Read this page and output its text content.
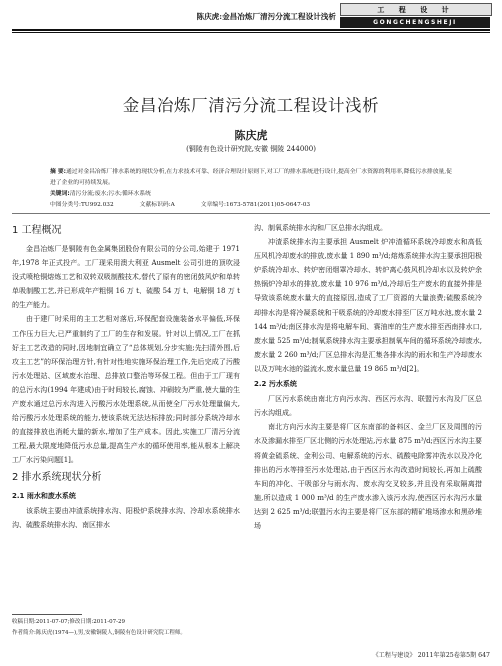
陈庆虎:金昌冶炼厂清污分流工程设计浅析
工 程 设 计
GONGCHENGSHEJI
金昌冶炼厂清污分流工程设计浅析
陈庆虎
(铜陵有色设计研究院,安徽 铜陵 244000)
摘 要:通过对金昌冶炼厂排水系统的现状分析,在力求技术可靠、经济合理设计原则下,对工厂的排水系统进行设计,提高全厂水资源的利用率,降低污水排放量,促进了企业的可持续发展。
关键词:清污分流;废水;污水;循环水系统
中图分类号:TU992.032	文献标识码:A	文章编号:1673-5781(2011)05-0647-03
1 工程概况

金昌冶炼厂是铜陵有色金属集团股份有限公司的分公司,始建于 1971 年,1978 年正式投产。工厂现采用澳大利亚 Ausmelt 公司引进的顶吹浸没式喷枪铜熔炼工艺和双转双吸制酸技术,替代了原有的密闭鼓风炉和单转单吸制酸工艺,并已形成年产粗铜 16 万 t、硫酸 54 万 t、电解铜 18 万 t 的生产能力。

由于建厂时采用的主工艺相对落后,环保配套设施装备水平偏低,环保工作压力巨大,已严重制约了工厂的生存和发展。针对以上情况,工厂在抓好主工艺改造的同时,因地制宜确立了“总体规划,分步实施;先扫清外围,后攻主工艺”的环保治理方针,有针对性地实施环保治理工作,先后完成了污酸污水处理站、区域废水治理、总排放口整治等环保工程。但由于工厂现有的总污水沟(1994 年建成)由于时间较长,腐蚀、冲刷较为严重,使大量的生产废水通过总污水沟进入污酸污水处理系统,从而使全厂污水处理量偏大,给污酸污水处理系统的能力,使该系统无法达标排放;同时部分系统冷却水的直接排放也消耗大量的新水,增加了生产成本。因此,实施工厂清污分流工程,最大限度地降低污水总量,提高生产水的循环使用率,能从根本上解决工厂水污染问题[1]。

2 排水系统现状分析
2.1 雨水和废水系统

该系统主要由冲渣系统排水沟、阳极炉系统排水沟、冷却水系统排水沟、硫酸系统排水沟、南区排水

沟、制氧系统排水沟和厂区总排水沟组成。

冲渣系统排水沟主要承担 Ausmelt 炉冲渣循环系统冷却废水和高低压风机冷却废水的排放,废水量 1 890 m³/d;熔炼系统排水沟主要承担阳极炉系统冷却水、转炉密闭烟罩冷却水、转炉离心鼓风机冷却水以及转炉余热锅炉冷却水的排放,废水量 10 976 m³/d,冷却后生产废水的直接外排是导致该系统废水量大的直接原因,造成了工厂资源的大量浪费;硫酸系统冷却排水沟是将冷凝系统和干吸系统的冷却废水排至厂区万吨水池,废水量 2 144 m³/d;南区排水沟是将电解车间、赛油库的生产废水排至西南排水口,废水量 525 m³/d;制氧系统排水沟主要承担制氧车间的循环系统冷却废水,废水量 2 260 m³/d;厂区总排水沟是汇集各排水沟的雨水和生产冷却废水以及万吨水池的溢流水,废水量总量 19 865 m³/d[2]。

2.2 污水系统

厂区污水系统由南北方向污水沟、西区污水沟、联盟污水沟及厂区总污水沟组成。

南北方向污水沟主要是将厂区东南部的备料区、金兰厂区及周围的污水及渗漏水排至厂区北侧的污水处理站,污水量 875 m³/d;西区污水沟主要将黄金硫系统、金利公司、电解系统的污水、硫酸电除雾冲洗水以及冷化排出的污水等排至污水处理站,由于西区污水沟改造时间较长,再加上硫酸车间的冲化、干吸部分与雨水沟、废水沟交叉较多,并且没有采取隔离措施,所以造成 1 000 m³/d 的生产废水渗入该污水沟,使西区污水沟污水量达到 2 625 m³/d;联盟污水沟主要是将厂区东部的精矿堆场渗水和黑砂堆场

收稿日期:2011-07-07;修改日期:2011-07-29
作者简介:陈庆虎(1974—),男,安徽铜陵人,铜陵有色设计研究院工程师。
《工程与建设》 2011年第25卷第5期 647
